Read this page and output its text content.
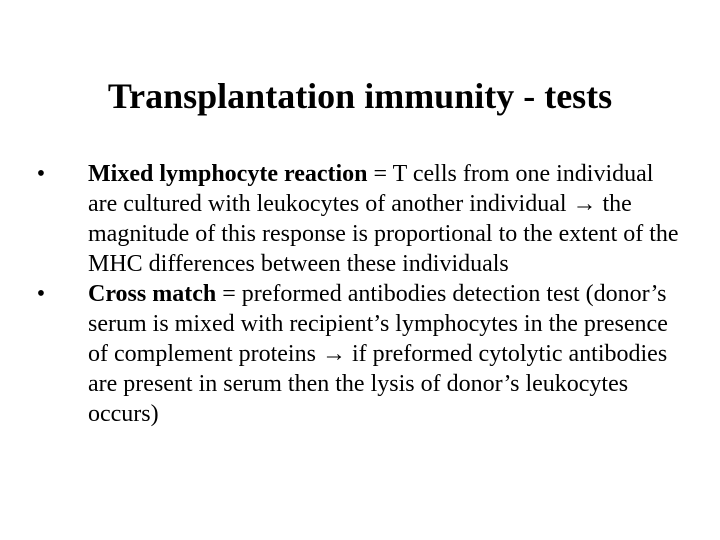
Transplantation immunity - tests
• Mixed lymphocyte reaction = T cells from one individual are cultured with leukocytes of another individual → the magnitude of this response is proportional to the extent of the MHC differences between these individuals
• Cross match = preformed antibodies detection test (donor’s serum is mixed with recipient’s lymphocytes in the presence of complement proteins → if preformed cytolytic antibodies are present in serum then the lysis of donor’s leukocytes occurs)
